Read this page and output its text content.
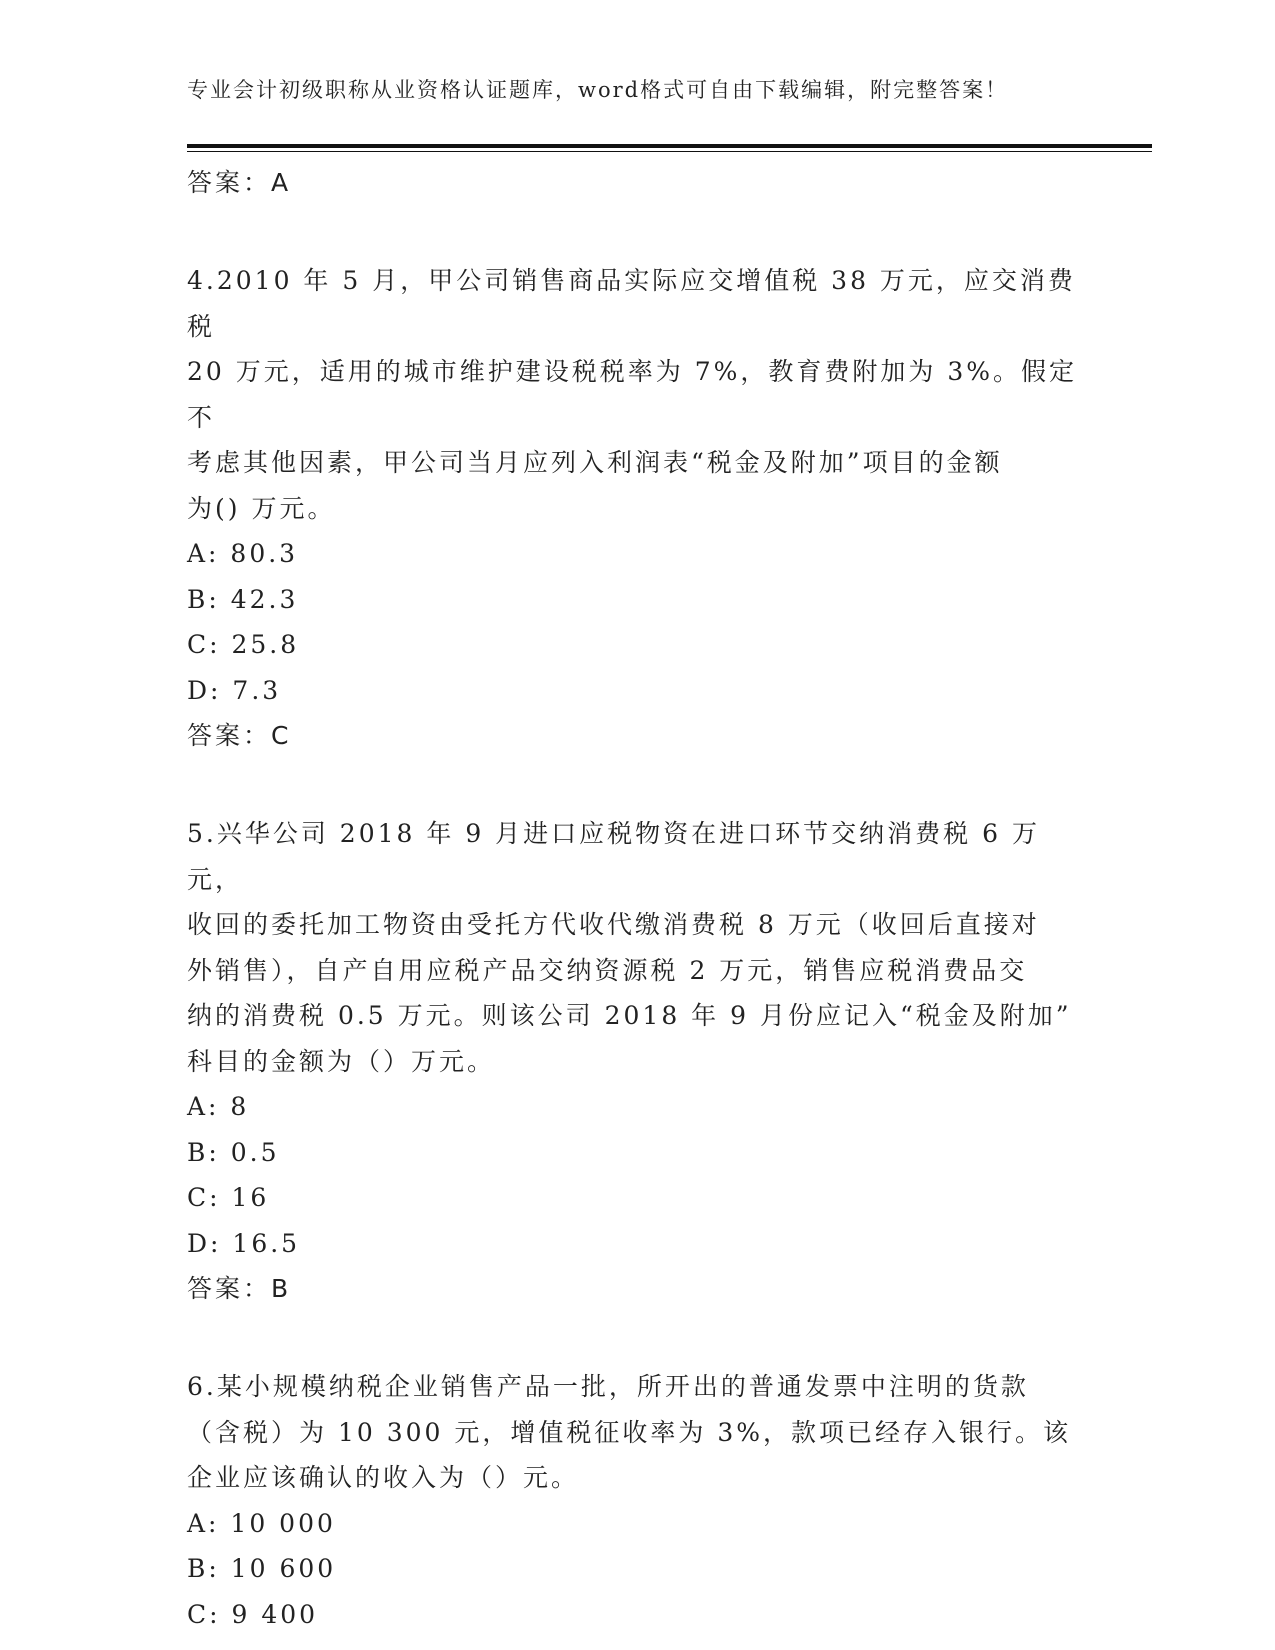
专业会计初级职称从业资格认证题库，word格式可自由下载编辑，附完整答案！
答案：A
4.2010 年 5 月，甲公司销售商品实际应交增值税 38 万元，应交消费税
20 万元，适用的城市维护建设税税率为 7%，教育费附加为 3%。假定不
考虑其他因素，甲公司当月应列入利润表“税金及附加”项目的金额
为() 万元。
A: 80.3
B: 42.3
C: 25.8
D: 7.3
答案：C
5.兴华公司 2018 年 9 月进口应税物资在进口环节交纳消费税 6 万元，
收回的委托加工物资由受托方代收代缴消费税 8 万元（收回后直接对
外销售），自产自用应税产品交纳资源税 2 万元，销售应税消费品交
纳的消费税 0.5 万元。则该公司 2018 年 9 月份应记入“税金及附加”
科目的金额为（）万元。
A: 8
B: 0.5
C: 16
D: 16.5
答案：B
6.某小规模纳税企业销售产品一批，所开出的普通发票中注明的货款
（含税）为 10 300 元，增值税征收率为 3%，款项已经存入银行。该
企业应该确认的收入为（）元。
A: 10 000
B: 10 600
C: 9 400
